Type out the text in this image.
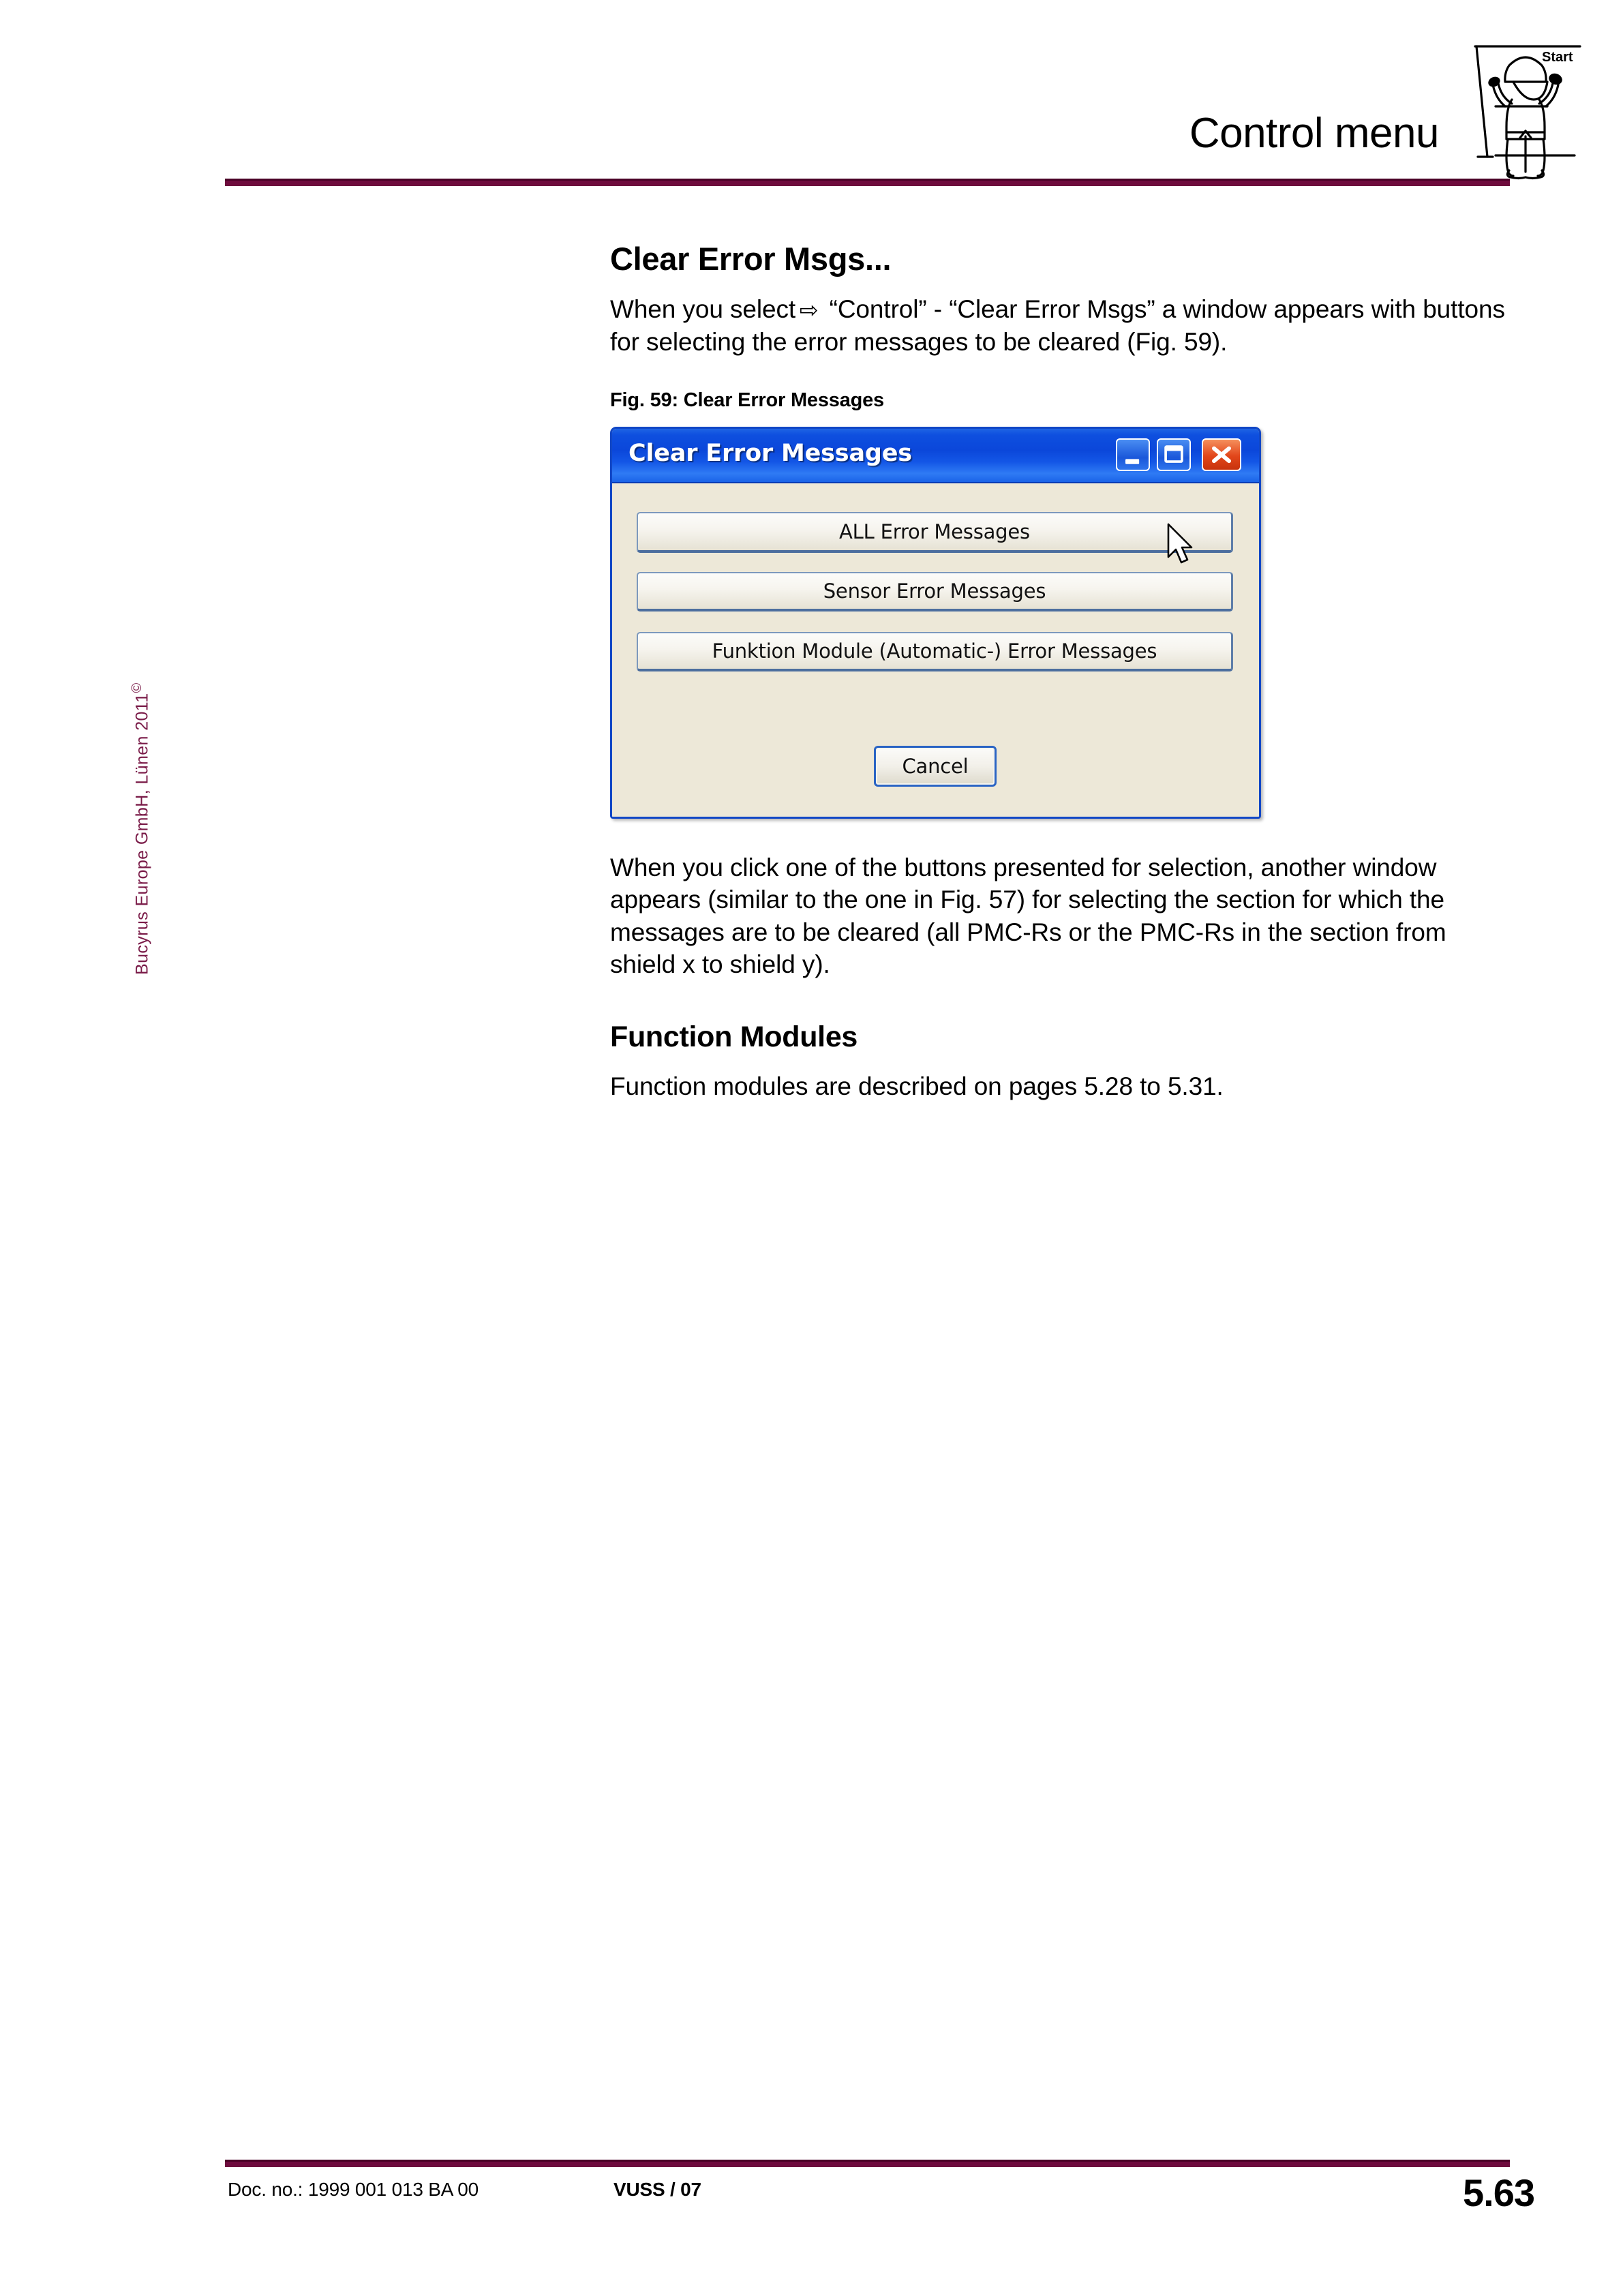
Control menu
Start
Bucyrus Europe GmbH, Lünen 2011©
Clear Error Msgs...

When you select ⇨ “Control” - “Clear Error Msgs” a window appears with buttons for selecting the error messages to be cleared (Fig. 59).

Fig. 59: Clear Error Messages
Clear Error Messages
ALL Error Messages
Sensor Error Messages
Funktion Module (Automatic-) Error Messages
Cancel

When you click one of the buttons presented for selection, another window appears (similar to the one in Fig. 57) for selecting the section for which the messages are to be cleared (all PMC-Rs or the PMC-Rs in the section from shield x to shield y).

Function Modules

Function modules are described on pages 5.28 to 5.31.

Doc. no.: 1999 001 013 BA 00	VUSS / 07	5.63
